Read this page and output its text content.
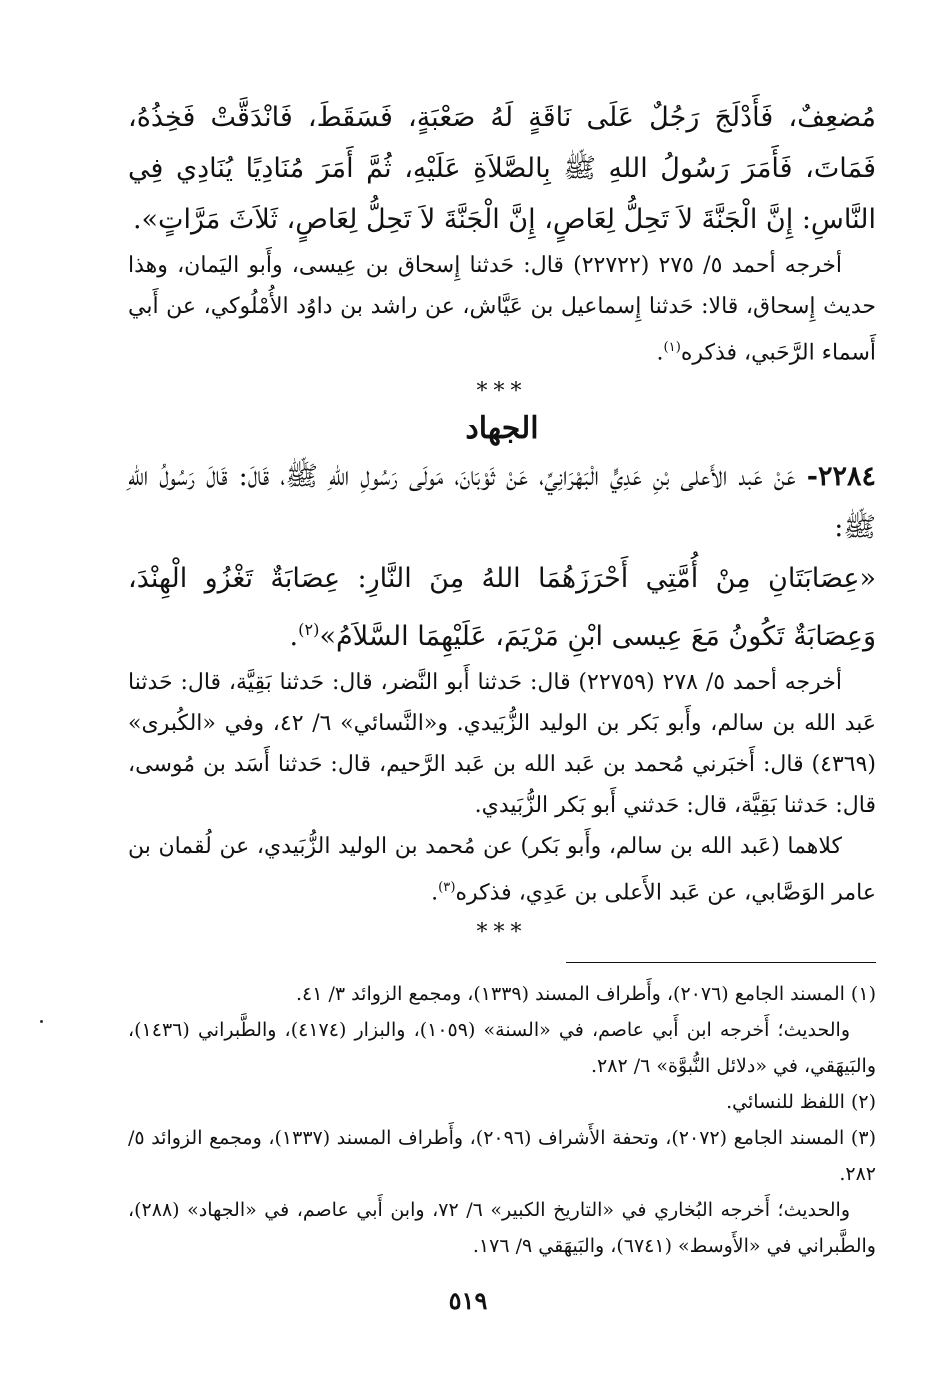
مُضعِفٌ، فَأَدْلَجَ رَجُلٌ عَلَى نَاقَةٍ لَهُ صَعْبَةٍ، فَسَقَطَ، فَانْدَقَّتْ فَخِذُهُ، فَمَاتَ، فَأَمَرَ رَسُولُ اللهِ ﷺ بِالصَّلاَةِ عَلَيْهِ، ثُمَّ أَمَرَ مُنَادِيًا يُنَادِي فِي النَّاسِ: إِنَّ الْجَنَّةَ لاَ تَحِلُّ لِعَاصٍ، إِنَّ الْجَنَّةَ لاَ تَحِلُّ لِعَاصٍ، ثَلاَثَ مَرَّاتٍ».

أخرجه أحمد ٥/ ٢٧٥ (٢٢٧٢٢) قال: حَدثنا إِسحاق بن عِيسى، وأَبو اليَمان، وهذا حديث إِسحاق، قالا: حَدثنا إِسماعيل بن عَيَّاش، عن راشد بن داوُد الأُمْلُوكي، عن أَبي أَسماء الرَّحَبي، فذكره$^{(١)}$.

***
الجهاد

٢٢٨٤- عَنْ عَبد الأَعلى بْنِ عَدِيٍّ الْبَهْرَانِيِّ، عَنْ ثَوْبَانَ، مَولَى رَسُولِ اللهِ ﷺ، قَالَ: قَالَ رَسُولُ اللهِ ﷺ:

«عِصَابَتَانِ مِنْ أُمَّتِي أَحْرَزَهُمَا اللهُ مِنَ النَّارِ: عِصَابَةٌ تَغْزُو الْهِنْدَ، وَعِصَابَةٌ تَكُونُ مَعَ عِيسى ابْنِ مَرْيَمَ، عَلَيْهِمَا السَّلاَمُ»$^{(٢)}$.

أخرجه أحمد ٥/ ٢٧٨ (٢٢٧٥٩) قال: حَدثنا أَبو النَّضر، قال: حَدثنا بَقِيَّة، قال: حَدثنا عَبد الله بن سالم، وأَبو بَكر بن الوليد الزُّبَيدي. و«النَّسائي» ٦/ ٤٢، وفي «الكُبرى» (٤٣٦٩) قال: أَخبَرني مُحمد بن عَبد الله بن عَبد الرَّحيم، قال: حَدثنا أَسَد بن مُوسى، قال: حَدثنا بَقِيَّة، قال: حَدثني أَبو بَكر الزُّبَيدي.

كلاهما (عَبد الله بن سالم، وأَبو بَكر) عن مُحمد بن الوليد الزُّبَيدي، عن لُقمان بن عامر الوَصَّابي، عن عَبد الأَعلى بن عَدِي، فذكره$^{(٣)}$.

***

(١) المسند الجامع (٢٠٧٦)، وأَطراف المسند (١٣٣٩)، ومجمع الزوائد ٣/ ٤١.

والحديث؛ أَخرجه ابن أَبي عاصم، في «السنة» (١٠٥٩)، والبزار (٤١٧٤)، والطَّبراني (١٤٣٦)، والبَيهَقي، في «دلائل النُّبوَّة» ٦/ ٢٨٢.

(٢) اللفظ للنسائي.

(٣) المسند الجامع (٢٠٧٢)، وتحفة الأَشراف (٢٠٩٦)، وأَطراف المسند (١٣٣٧)، ومجمع الزوائد ٥/ ٢٨٢.

والحديث؛ أَخرجه البُخاري في «التاريخ الكبير» ٦/ ٧٢، وابن أَبي عاصم، في «الجهاد» (٢٨٨)، والطَّبراني في «الأَوسط» (٦٧٤١)، والبَيهَقي ٩/ ١٧٦.

٥١٩
